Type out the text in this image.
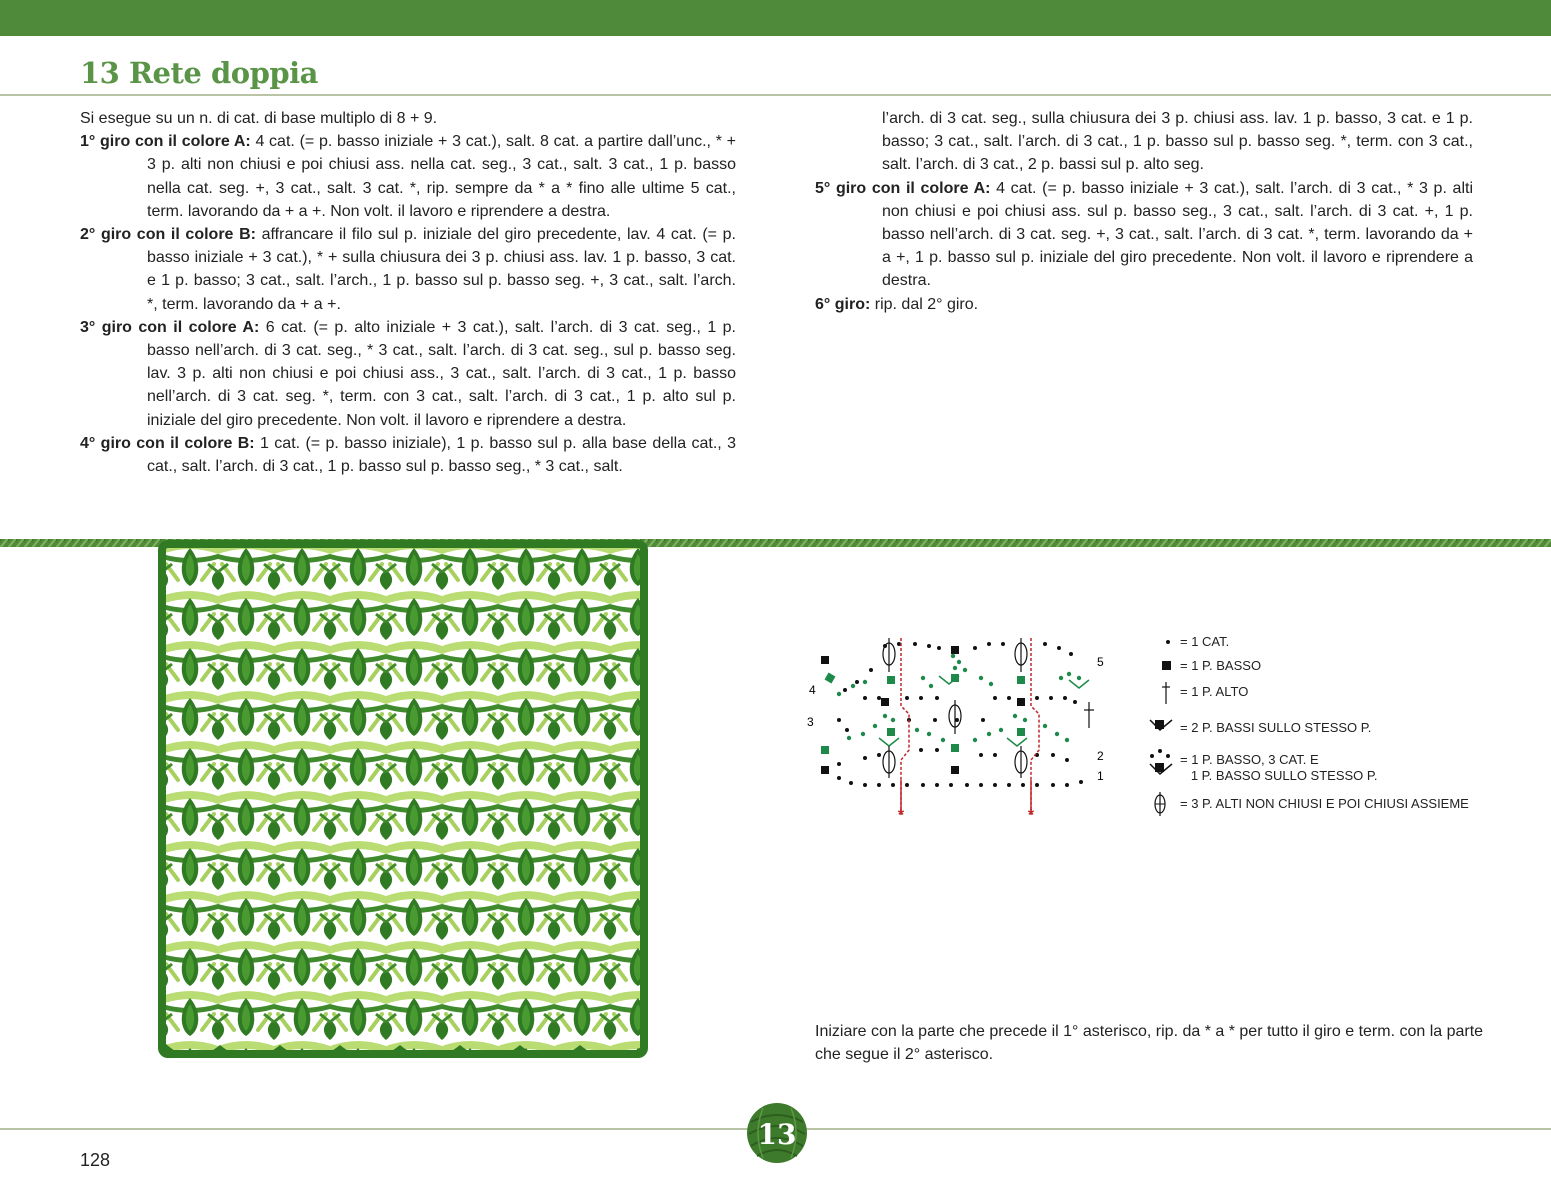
13 Rete doppia

Si esegue su un n. di cat. di base multiplo di 8 + 9.

1° giro con il colore A: 4 cat. (= p. basso iniziale + 3 cat.), salt. 8 cat. a partire dall’unc., * + 3 p. alti non chiusi e poi chiusi ass. nella cat. seg., 3 cat., salt. 3 cat., 1 p. basso nella cat. seg. +, 3 cat., salt. 3 cat. *, rip. sempre da * a * fino alle ultime 5 cat., term. lavorando da + a +. Non volt. il lavoro e riprendere a destra.

2° giro con il colore B: affrancare il filo sul p. iniziale del giro precedente, lav. 4 cat. (= p. basso iniziale + 3 cat.), * + sulla chiusura dei 3 p. chiusi ass. lav. 1 p. basso, 3 cat. e 1 p. basso; 3 cat., salt. l’arch., 1 p. basso sul p. basso seg. +, 3 cat., salt. l’arch. *, term. lavorando da + a +.

3° giro con il colore A: 6 cat. (= p. alto iniziale + 3 cat.), salt. l’arch. di 3 cat. seg., 1 p. basso nell’arch. di 3 cat. seg., * 3 cat., salt. l’arch. di 3 cat. seg., sul p. basso seg. lav. 3 p. alti non chiusi e poi chiusi ass., 3 cat., salt. l’arch. di 3 cat., 1 p. basso nell’arch. di 3 cat. seg. *, term. con 3 cat., salt. l’arch. di 3 cat., 1 p. alto sul p. iniziale del giro precedente. Non volt. il lavoro e riprendere a destra.

4° giro con il colore B: 1 cat. (= p. basso iniziale), 1 p. basso sul p. alla base della cat., 3 cat., salt. l’arch. di 3 cat., 1 p. basso sul p. basso seg., * 3 cat., salt.

l’arch. di 3 cat. seg., sulla chiusura dei 3 p. chiusi ass. lav. 1 p. basso, 3 cat. e 1 p. basso; 3 cat., salt. l’arch. di 3 cat., 1 p. basso sul p. basso seg. *, term. con 3 cat., salt. l’arch. di 3 cat., 2 p. bassi sul p. alto seg.

5° giro con il colore A: 4 cat. (= p. basso iniziale + 3 cat.), salt. l’arch. di 3 cat., * 3 p. alti non chiusi e poi chiusi ass. sul p. basso seg., 3 cat., salt. l’arch. di 3 cat. +, 1 p. basso nell’arch. di 3 cat. seg. +, 3 cat., salt. l’arch. di 3 cat. *, term. lavorando da + a +, 1 p. basso sul p. iniziale del giro precedente. Non volt. il lavoro e riprendere a destra.

6° giro: rip. dal 2° giro.

*	*
4
3
5
2
1
= 1 CAT.
= 1 P. BASSO
= 1 P. ALTO
= 2 P. BASSI SULLO STESSO P.
= 1 P. BASSO, 3 CAT. E
1 P. BASSO SULLO STESSO P.
= 3 P. ALTI NON CHIUSI E POI CHIUSI ASSIEME

Iniziare con la parte che precede il 1° asterisco, rip. da * a * per tutto il giro e term. con la parte che segue il 2° asterisco.

13
128
